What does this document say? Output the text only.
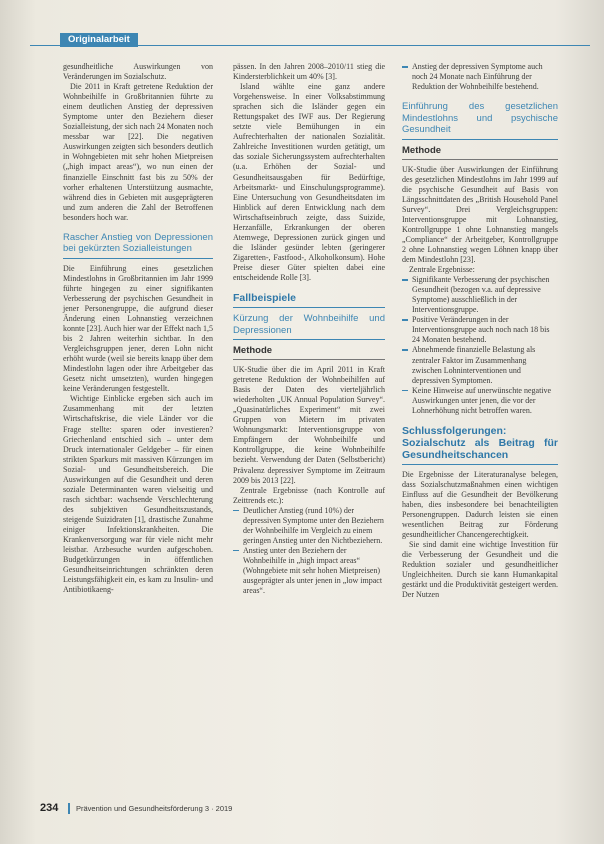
Originalarbeit

gesundheitliche Auswirkungen von Veränderungen im Sozialschutz.

Die 2011 in Kraft getretene Reduktion der Wohnbeihilfe in Großbritannien führte zu einem deutlichen Anstieg der depressiven Symptome unter den Beziehern dieser Sozialleistung, der sich nach 24 Monaten noch messbar war [22]. Die negativen Auswirkungen zeigten sich besonders deutlich in Wohngebieten mit sehr hohen Mietpreisen („high impact areas“), wo nun einen der finanzielle Einschnitt fast bis zu 50% der vorher erhaltenen Unterstützung ausmachte, während dies in Gebieten mit ausgeprägteren und zum anderen die Zahl der Betroffenen besonders hoch war.

Rascher Anstieg von Depressionen bei gekürzten Sozialleistungen

Die Einführung eines gesetzlichen Mindestlohns in Großbritannien im Jahr 1999 führte hingegen zu einer signifikanten Verbesserung der psychischen Gesundheit in jener Personengruppe, die aufgrund dieser Änderung einen Lohnanstieg verzeichnen konnte [23]. Auch hier war der Effekt nach 1,5 bis 2 Jahren weiterhin sichtbar. In den Vergleichsgruppen jener, deren Lohn nicht erhöht wurde (weil sie bereits knapp über dem Mindestlohn lagen oder ihre Arbeitgeber das Gesetz nicht umsetzten), wurden hingegen keine Veränderungen festgestellt.

Wichtige Einblicke ergeben sich auch im Zusammenhang mit der letzten Wirtschaftskrise, die viele Länder vor die Frage stellte: sparen oder investieren? Griechenland entschied sich – unter dem Druck internationaler Geldgeber – für einen strikten Sparkurs mit massiven Kürzungen im Sozial- und Gesundheitsbereich. Die Auswirkungen auf die Gesundheit und deren soziale Determinanten waren vielseitig und rasch sichtbar: wachsende Verschlechterung des subjektiven Gesundheitszustands, steigende Suizidraten [1], drastische Zunahme einiger Infektionskrankheiten. Die Krankenversorgung war für viele nicht mehr leistbar. Arzbesuche wurden aufgeschoben. Budgetkürzungen in öffentlichen Gesundheitseinrichtungen schränkten deren Leistungsfähigkeit ein, es kam zu Insulin- und Antibiotikaeng-

pässen. In den Jahren 2008–2010/11 stieg die Kindersterblichkeit um 40% [3].

Island wählte eine ganz andere Vorgehensweise. In einer Volksabstimmung sprachen sich die Isländer gegen ein Rettungspaket des IWF aus. Der Regierung setzte viele Bemühungen in ein Aufrechterhalten der nationalen Sozialität. Zahlreiche Investitionen wurden getätigt, um das soziale Sicherungssystem aufrechterhalten (u.a. Erhöhen der Sozial- und Gesundheitsausgaben für Bedürftige, Arbeitsmarkt- und Einschulungsprogramme). Eine Untersuchung von Gesundheitsdaten im Hinblick auf deren Entwicklung nach dem Wirtschaftseinbruch zeigte, dass Suizide, Herzanfälle, Erkrankungen der oberen Atemwege, Depressionen zurück gingen und die Isländer gesünder lebten (geringerer Zigaretten-, Fastfood-, Alkoholkonsum). Hohe Preise dieser Güter spielten dabei eine entscheidende Rolle [3].

Fallbeispiele
Kürzung der Wohnbeihilfe und Depressionen
Methode

UK-Studie über die im April 2011 in Kraft getretene Reduktion der Wohnbeihilfen auf Basis der Daten des vierteljährlich wiederholten „UK Annual Population Survey“. „Quasinatürliches Experiment“ mit zwei Gruppen von Mietern im privaten Wohnungsmarkt: Interventionsgruppe von Empfängern der Wohnbeihilfe und Kontrollgruppe, die keine Wohnbeihilfe bezieht. Verwendung der Daten (Selbstbericht) Prävalenz depressiver Symptome im Zeitraum 2009 bis 2013 [22].

Zentrale Ergebnisse (nach Kontrolle auf Zeittrends etc.):

Deutlicher Anstieg (rund 10%) der depressiven Symptome unter den Beziehern der Wohnbeihilfe im Vergleich zu einem geringen Anstieg unter den Nichtbeziehern.
Anstieg unter den Beziehern der Wohnbeihilfe in „high impact areas“ (Wohngebiete mit sehr hohen Mietpreisen) ausgeprägter als unter jenen in „low impact areas“.
Anstieg der depressiven Symptome auch noch 24 Monate nach Einführung der Reduktion der Wohnbeihilfe bestehend.
Einführung des gesetzlichen Mindestlohns und psychische Gesundheit
Methode

UK-Studie über Auswirkungen der Einführung des gesetzlichen Mindestlohns im Jahr 1999 auf die psychische Gesundheit auf Basis von Längsschnittdaten des „British Household Panel Survey“. Drei Vergleichsgruppen: Interventionsgruppe mit Lohnanstieg, Kontrollgruppe 1 ohne Lohnanstieg mangels „Compliance“ der Arbeitgeber, Kontrollgruppe 2 ohne Lohnanstieg wegen Löhnen knapp über dem Mindestlohn [23].

Zentrale Ergebnisse:

Signifikante Verbesserung der psychischen Gesundheit (bezogen v.a. auf depressive Symptome) ausschließlich in der Interventionsgruppe.
Positive Veränderungen in der Interventionsgruppe auch noch nach 18 bis 24 Monaten bestehend.
Abnehmende finanzielle Belastung als zentraler Faktor im Zusammenhang zwischen Lohninterventionen und depressiven Symptomen.
Keine Hinweise auf unerwünschte negative Auswirkungen unter jenen, die vor der Lohnerhöhung nicht betroffen waren.
Schlussfolgerungen: Sozialschutz als Beitrag für Gesundheitschancen

Die Ergebnisse der Literaturanalyse belegen, dass Sozialschutzmaßnahmen einen wichtigen Einfluss auf die Gesundheit der Bevölkerung haben, dies insbesondere bei benachteiligten Personengruppen. Dadurch leisten sie einen wesentlichen Beitrag zur Förderung gesundheitlicher Chancengerechtigkeit.

Sie sind damit eine wichtige Investition für die Verbesserung der Gesundheit und die Reduktion sozialer und gesundheitlicher Ungleichheiten. Durch sie kann Humankapital gestärkt und die Produktivität gesteigert werden. Der Nutzen

234 Prävention und Gesundheitsförderung 3 · 2019
